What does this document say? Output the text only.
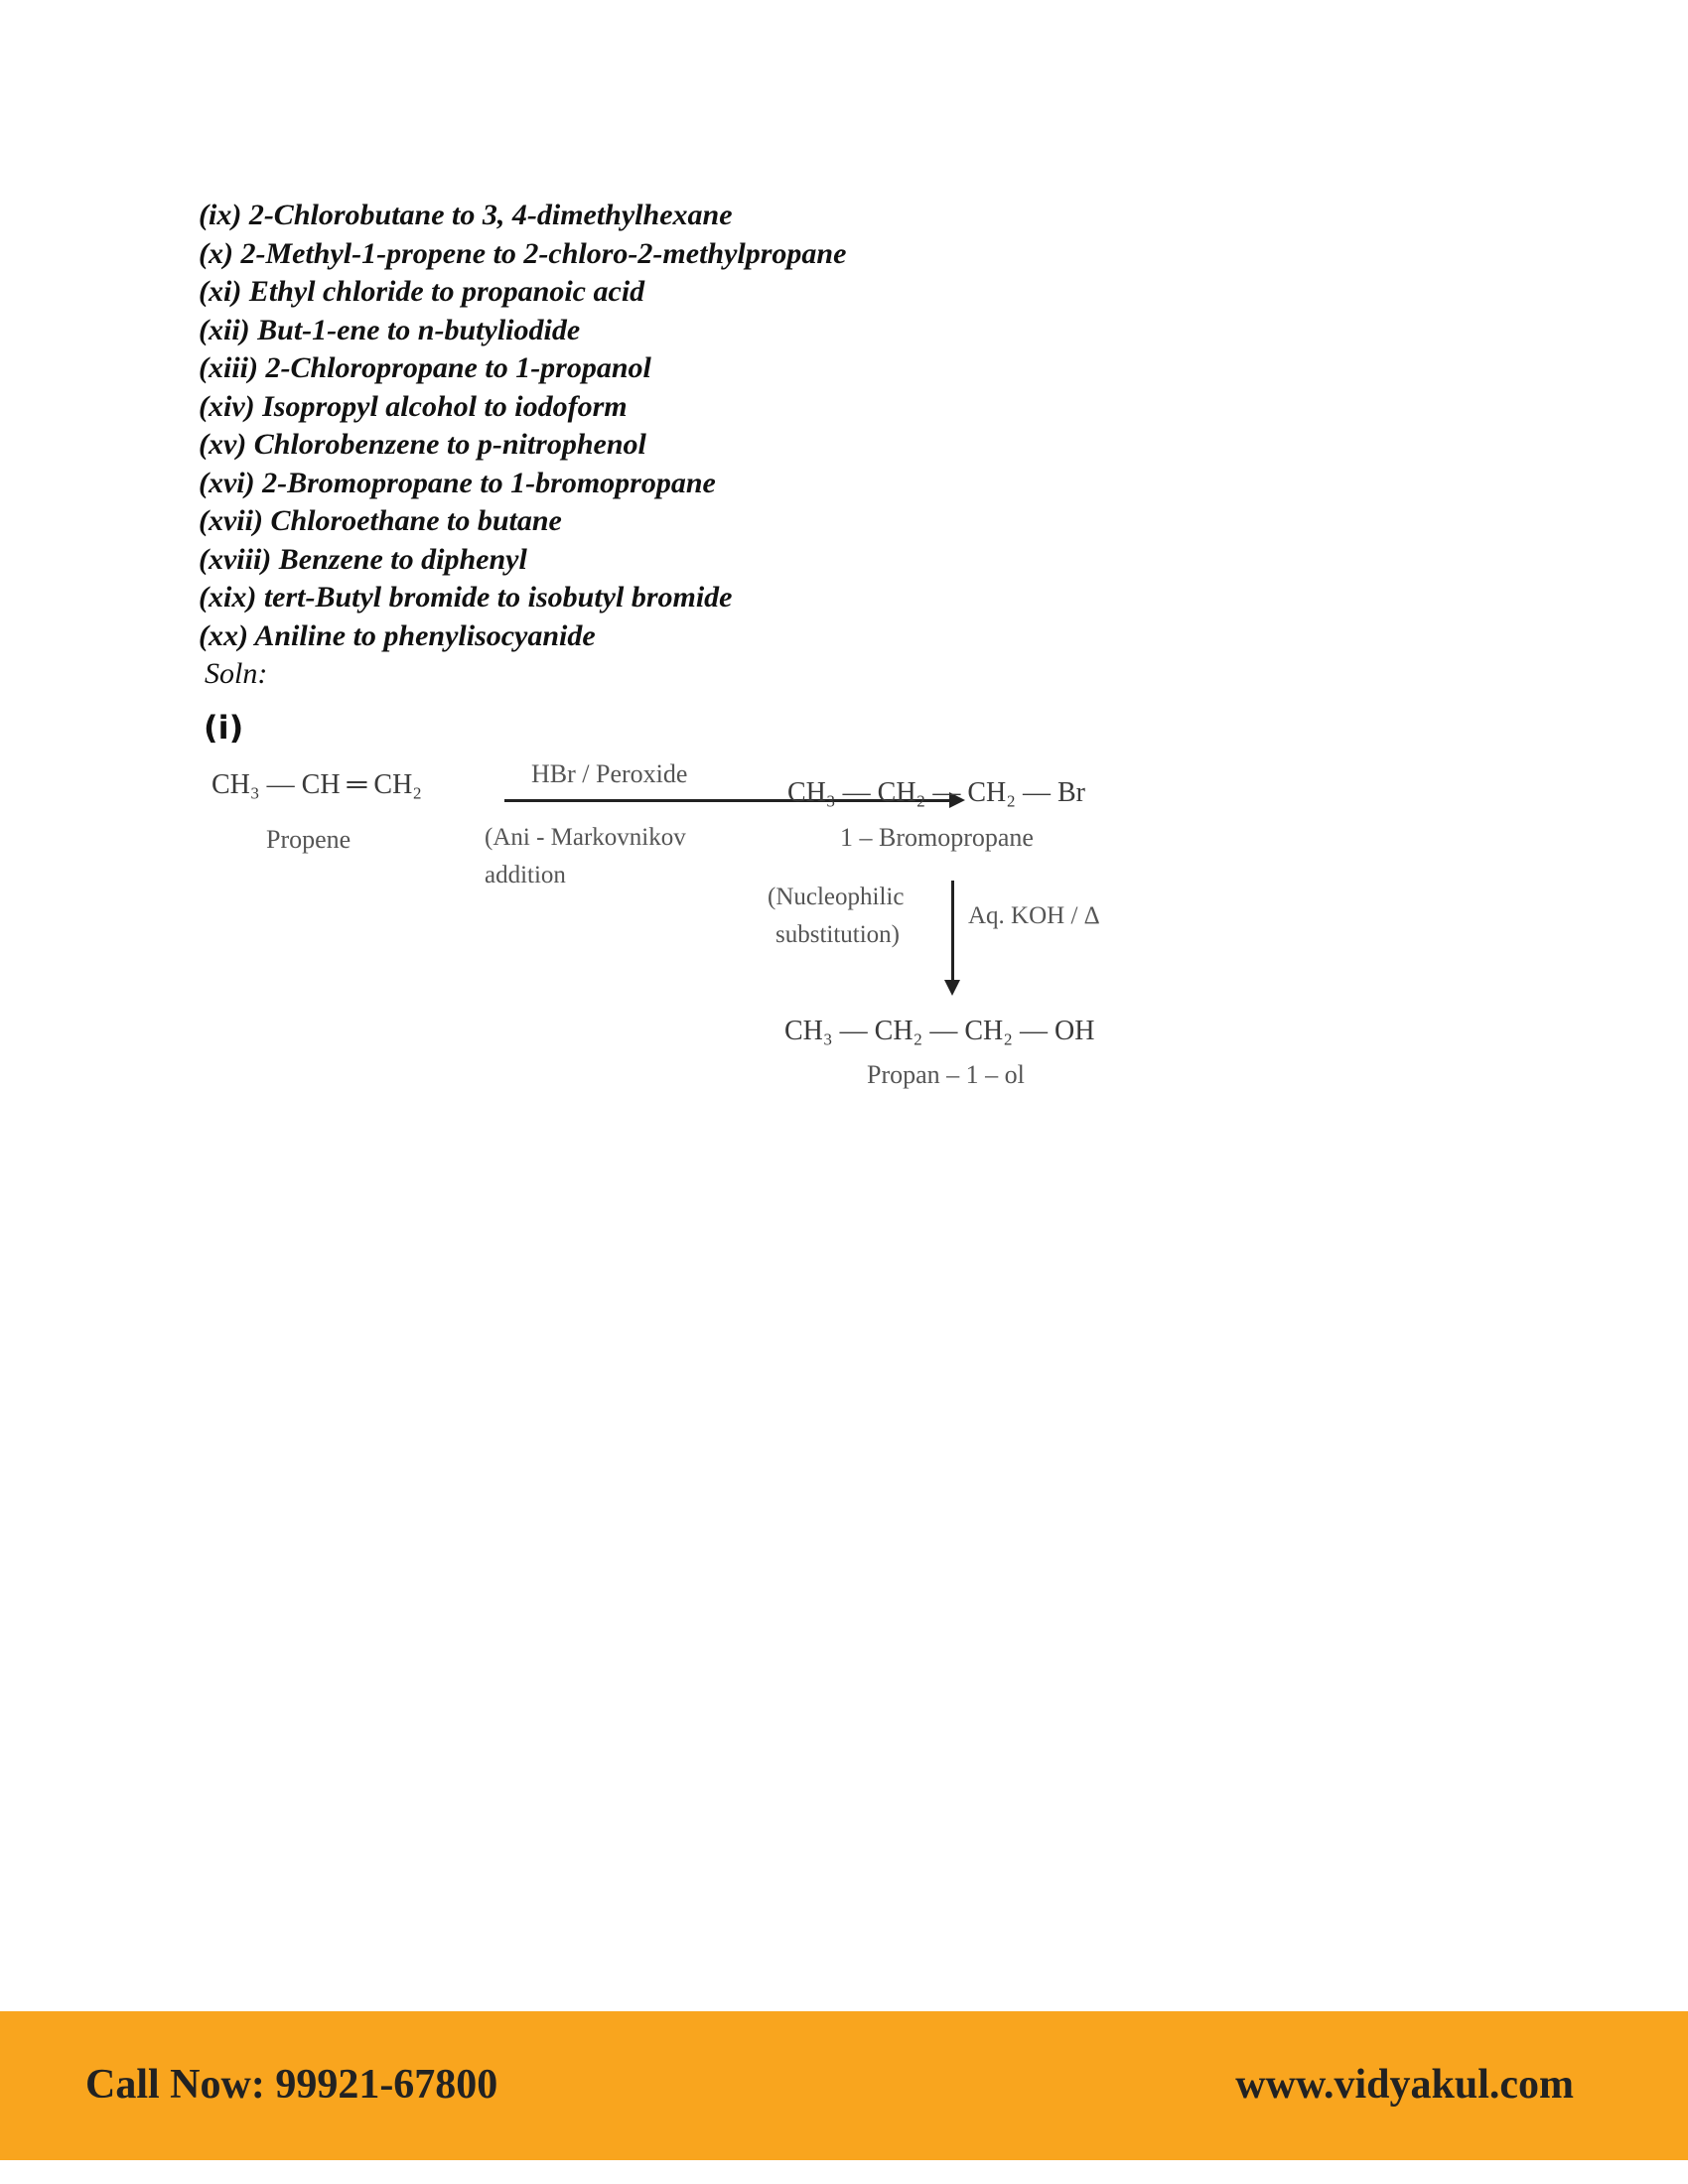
(ix) 2-Chlorobutane to 3, 4-dimethylhexane
(x) 2-Methyl-1-propene to 2-chloro-2-methylpropane
(xi) Ethyl chloride to propanoic acid
(xii) But-1-ene to n-butyliodide
(xiii) 2-Chloropropane to 1-propanol
(xiv) Isopropyl alcohol to iodoform
(xv) Chlorobenzene to p-nitrophenol
(xvi) 2-Bromopropane to 1-bromopropane
(xvii) Chloroethane to butane
(xviii) Benzene to diphenyl
(xix) tert-Butyl bromide to isobutyl bromide
(xx) Aniline to phenylisocyanide
Soln:
(i)
CH₃ — CH ═ CH₂
Propene
HBr / Peroxide
(Ani - Markovnikov
addition
CH₃ — CH₂ — CH₂ — Br
1 – Bromopropane
(Nucleophilic
substitution)
Aq. KOH / Δ
CH₃ — CH₂ — CH₂ — OH
Propan – 1 – ol
Call Now: 99921-67800	www.vidyakul.com
